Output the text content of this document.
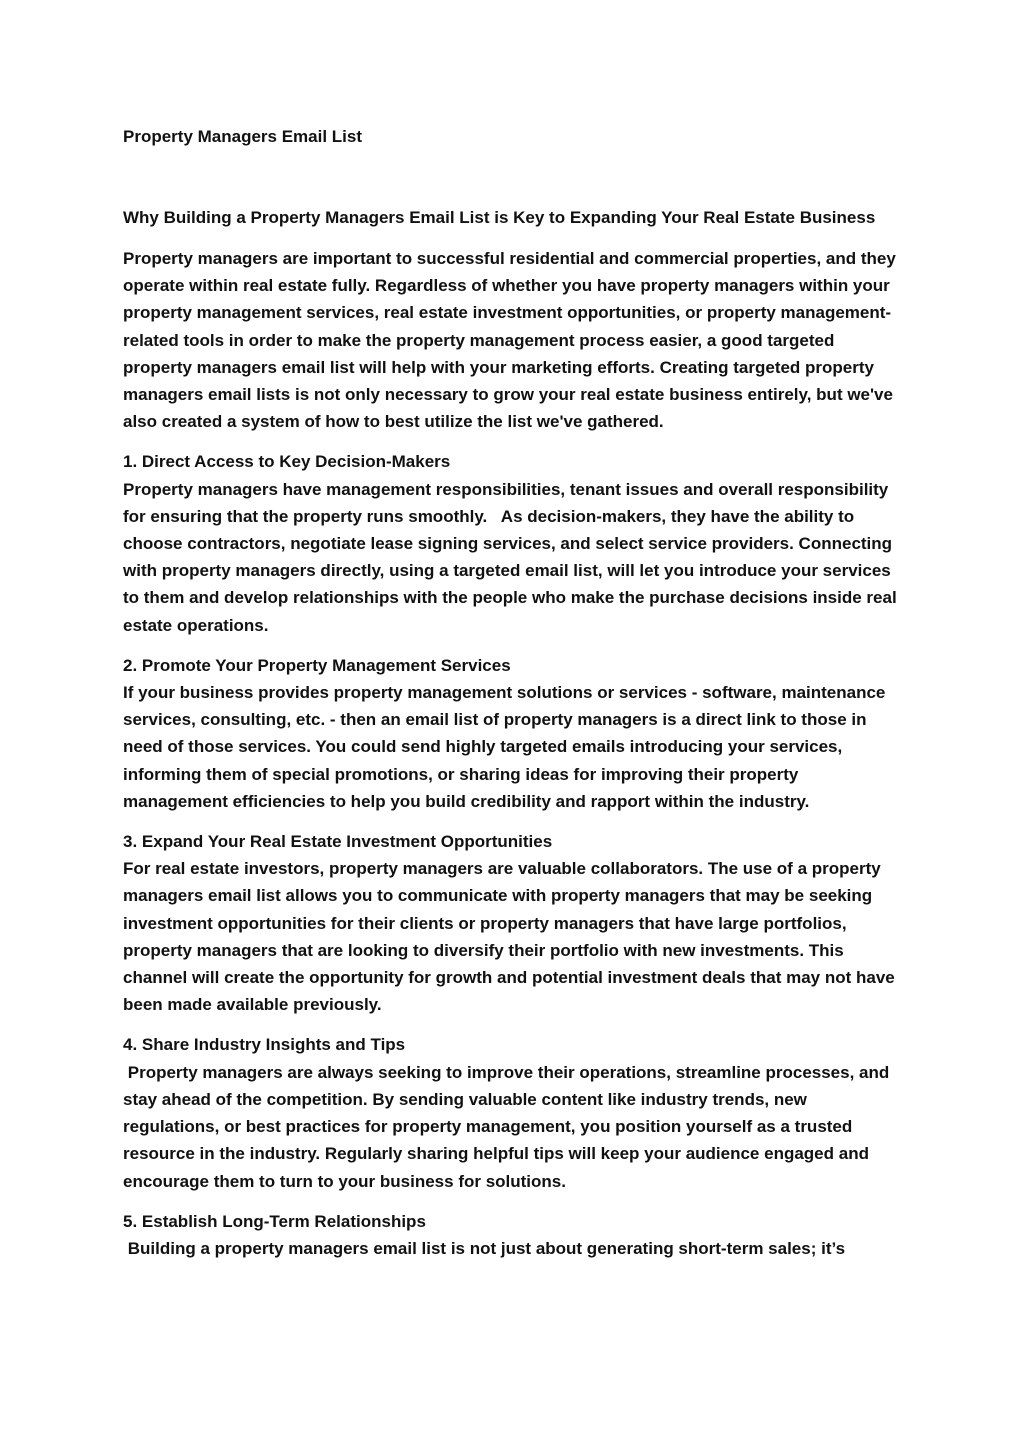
Property Managers Email List
Why Building a Property Managers Email List is Key to Expanding Your Real Estate Business
Property managers are important to successful residential and commercial properties, and they operate within real estate fully. Regardless of whether you have property managers within your property management services, real estate investment opportunities, or property management-related tools in order to make the property management process easier, a good targeted property managers email list will help with your marketing efforts. Creating targeted property managers email lists is not only necessary to grow your real estate business entirely, but we've also created a system of how to best utilize the list we've gathered.
1. Direct Access to Key Decision-Makers
Property managers have management responsibilities, tenant issues and overall responsibility for ensuring that the property runs smoothly.   As decision-makers, they have the ability to choose contractors, negotiate lease signing services, and select service providers. Connecting with property managers directly, using a targeted email list, will let you introduce your services to them and develop relationships with the people who make the purchase decisions inside real estate operations.
2. Promote Your Property Management Services
If your business provides property management solutions or services - software, maintenance services, consulting, etc. - then an email list of property managers is a direct link to those in need of those services. You could send highly targeted emails introducing your services, informing them of special promotions, or sharing ideas for improving their property management efficiencies to help you build credibility and rapport within the industry.
3. Expand Your Real Estate Investment Opportunities
For real estate investors, property managers are valuable collaborators. The use of a property managers email list allows you to communicate with property managers that may be seeking investment opportunities for their clients or property managers that have large portfolios, property managers that are looking to diversify their portfolio with new investments. This channel will create the opportunity for growth and potential investment deals that may not have been made available previously.
4. Share Industry Insights and Tips
Property managers are always seeking to improve their operations, streamline processes, and stay ahead of the competition. By sending valuable content like industry trends, new regulations, or best practices for property management, you position yourself as a trusted resource in the industry. Regularly sharing helpful tips will keep your audience engaged and encourage them to turn to your business for solutions.
5. Establish Long-Term Relationships
Building a property managers email list is not just about generating short-term sales; it’s
